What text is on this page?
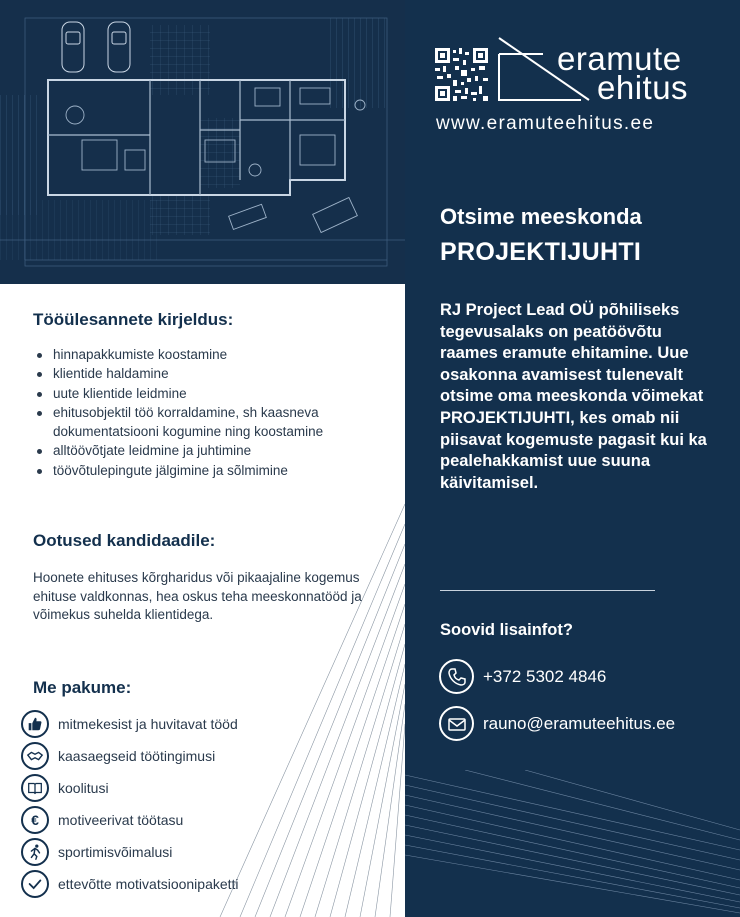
Tööülesannete kirjeldus:
hinnapakkumiste koostamine
klientide haldamine
uute klientide leidmine
ehitusobjektil töö korraldamine, sh kaasneva dokumentatsiooni kogumine ning koostamine
alltöövõtjate leidmine ja juhtimine
töövõtulepingute jälgimine ja sõlmimine
Ootused kandidaadile:
Hoonete ehituses kõrgharidus või pikaajaline kogemus ehituse valdkonnas, hea oskus teha meeskonnatööd ja võimekus suhelda klientidega.
Me pakume:
mitmekesist ja huvitavat tööd
kaasaegseid töötingimusi
koolitusi
€	motiveerivat töötasu
sportimisvõimalusi
ettevõtte motivatsioonipaketti
eramute
ehitus
www.eramuteehitus.ee
Otsime meeskonda
PROJEKTIJUHTI
RJ Project Lead OÜ põhiliseks tegevusalaks on peatöövõtu raames eramute ehitamine. Uue osakonna avamisest tulenevalt otsime oma meeskonda võimekat PROJEKTIJUHTI, kes omab nii piisavat kogemuste pagasit kui ka pealehakkamist uue suuna käivitamisel.
Soovid lisainfot?
+372 5302 4846
rauno@eramuteehitus.ee
